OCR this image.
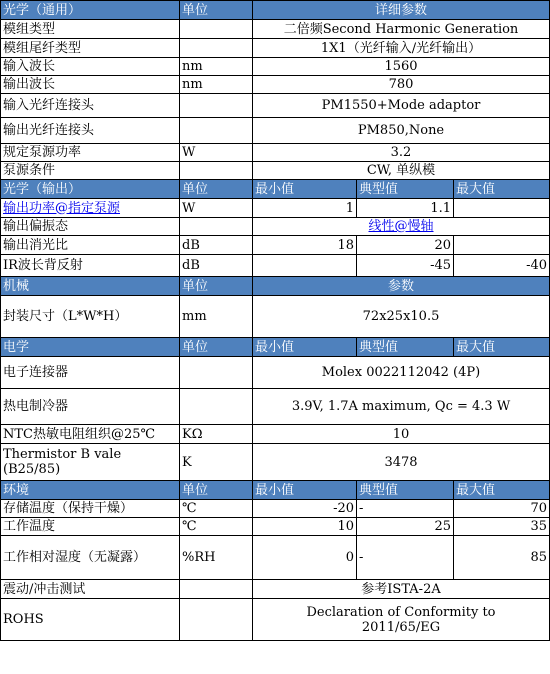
光学（通用）	单位	详细参数		
模组类型		二倍频Second Harmonic Generation		
模组尾纤类型		1X1（光纤输入/光纤输出）		
输入波长	nm	1560		
输出波长	nm	780		
输入光纤连接头		PM1550+Mode adaptor		
输出光纤连接头		PM850,None		
规定泵源功率	W	3.2		
泵源条件		CW, 单纵模		
光学（输出）	单位	最小值	典型值	最大值
输出功率@指定泵源	W	1	1.1	
输出偏振态		线性@慢轴		
输出消光比	dB	18	20	
IR波长背反射	dB		-45	-40
机械	单位	参数		
封装尺寸（L*W*H）	mm	72x25x10.5		
电学	单位	最小值	典型值	最大值
电子连接器		Molex 0022112042 (4P)		
热电制冷器		3.9V, 1.7A maximum, Qc = 4.3 W		
NTC热敏电阻组织@25℃	KΩ	10		
Thermistor B vale (B25/85)	K	3478		
环境	单位	最小值	典型值	最大值
存储温度（保持干燥）	℃	-20	-	70
工作温度	℃	10	25	35
工作相对湿度（无凝露）	%RH	0	-	85
震动/冲击测试		参考ISTA-2A		
ROHS		Declaration of Conformity to 2011/65/EG		
